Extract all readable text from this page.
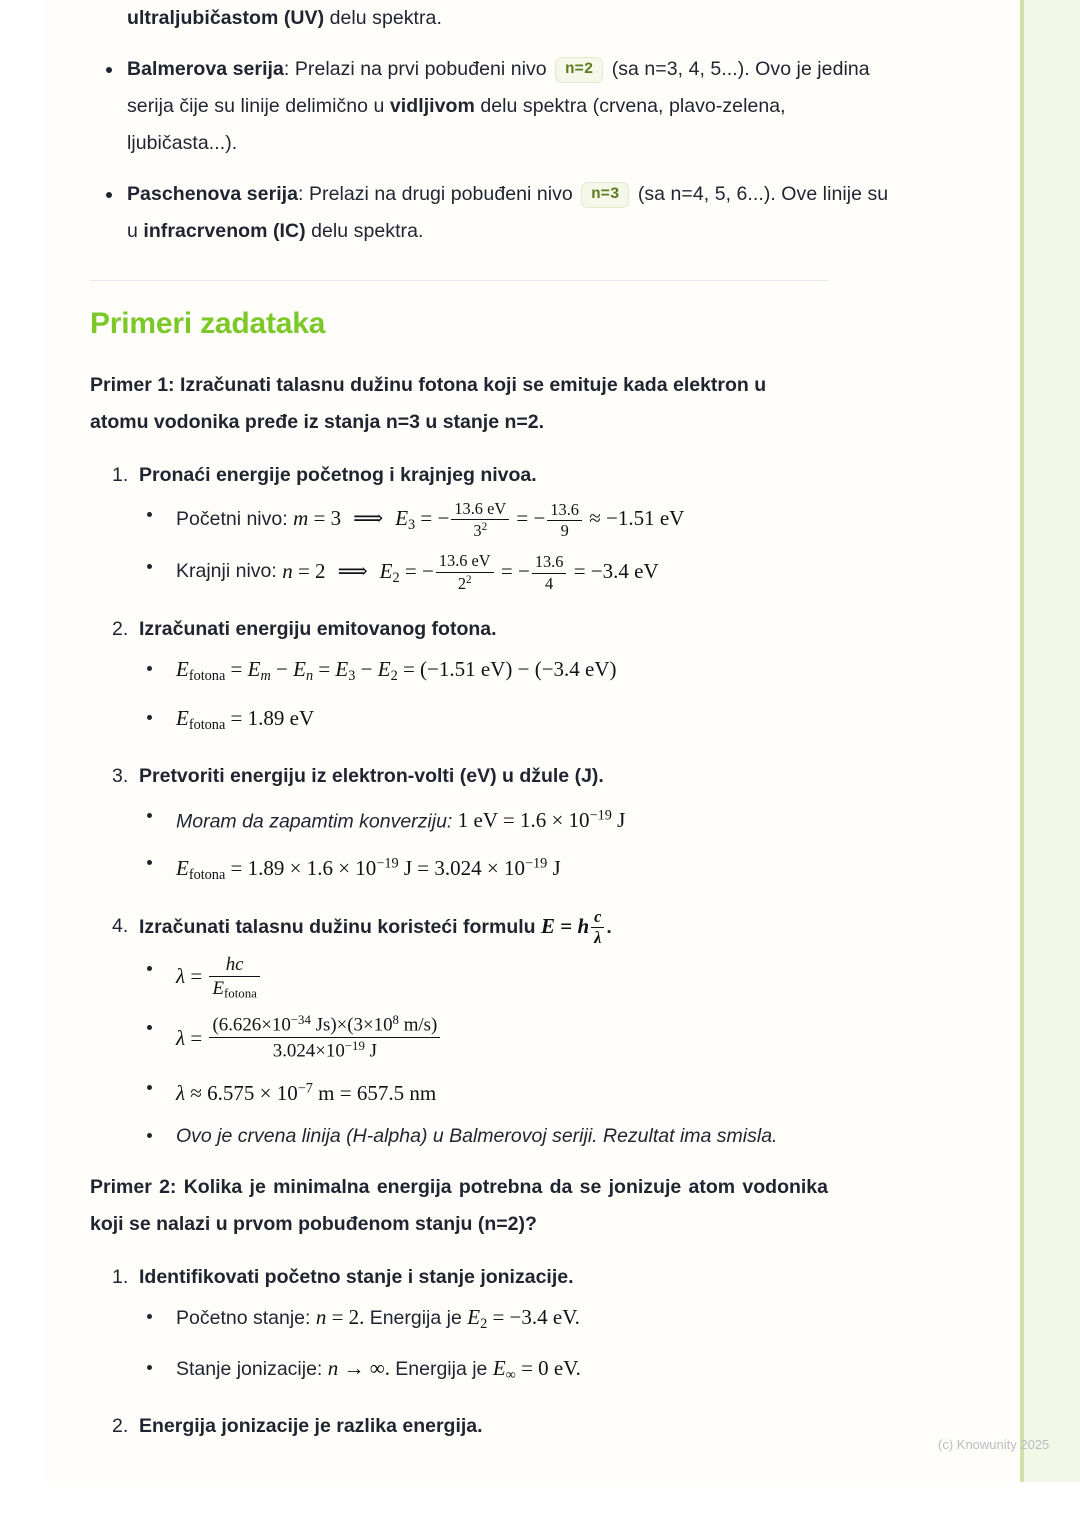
ultraljubičastom (UV) delu spektra.
Balmerova serija: Prelazi na prvi pobuđeni nivo n=2 (sa n=3, 4, 5...). Ovo je jedina serija čije su linije delimično u vidljivom delu spektra (crvena, plavo-zelena, ljubičasta...).
Paschenova serija: Prelazi na drugi pobuđeni nivo n=3 (sa n=4, 5, 6...). Ove linije su u infracrvenom (IC) delu spektra.
Primeri zadataka

Primer 1: Izračunati talasnu dužinu fotona koji se emituje kada elektron u atomu vodonika pređe iz stanja n=3 u stanje n=2.

Pronaći energije početnog i krajnjeg nivoa.
Početni nivo: m = 3 ⟹ $E_3$ = − $\frac{13.6 eV}{3^2}$ = − $\frac{13.6}{9} \approx -1.51$ eV
Krajnji nivo: n = 2 ⟹ $E_2$ = − $\frac{13.6 eV}{2^2}$ = − $\frac{13.6}{4} = -3.4$ eV
Izračunati energiju emitovanog fotona.
$E_{fotona} = E_m - E_n = E_3 - E_2 = (-1.51$ eV) − (−3.4 eV)
$E_{fotona} = 1.89$ eV
Pretvoriti energiju iz elektron-volti (eV) u džule (J).
Moram da zapamtim konverziju: 1 eV = $1.6 \times 10^{-19}$ J
$E_{fotona} = 1.89 \times 1.6 \times 10^{-19}$ $J = 3.024 \times 10^{-19}$ J
Izračunati talasnu dužinu koristeći formulu E = h $\frac{c}{\lambda}$ .
$\lambda = \frac{hc}{E_{fotona}}$
$\lambda = \frac{(6.626\times 10^{-34} Js)\times(3\times 10^8 m/s)}{3.024\times 10^{-19} J}$
$\lambda \approx 6.575 \times 10^{-7}$ m = 657.5 nm
Ovo je crvena linija (H-alpha) u Balmerovoj seriji. Rezultat ima smisla.

Primer 2: Kolika je minimalna energija potrebna da se jonizuje atom vodonika koji se nalazi u prvom pobuđenom stanju (n=2)?

Identifikovati početno stanje i stanje jonizacije.
Početno stanje: n = 2. Energija je $E_2 = -3.4$ eV.
Stanje jonizacije: n → ∞. Energija je $E_\infty = 0$ eV.
Energija jonizacije je razlika energija.
(c) Knowunity 2025
